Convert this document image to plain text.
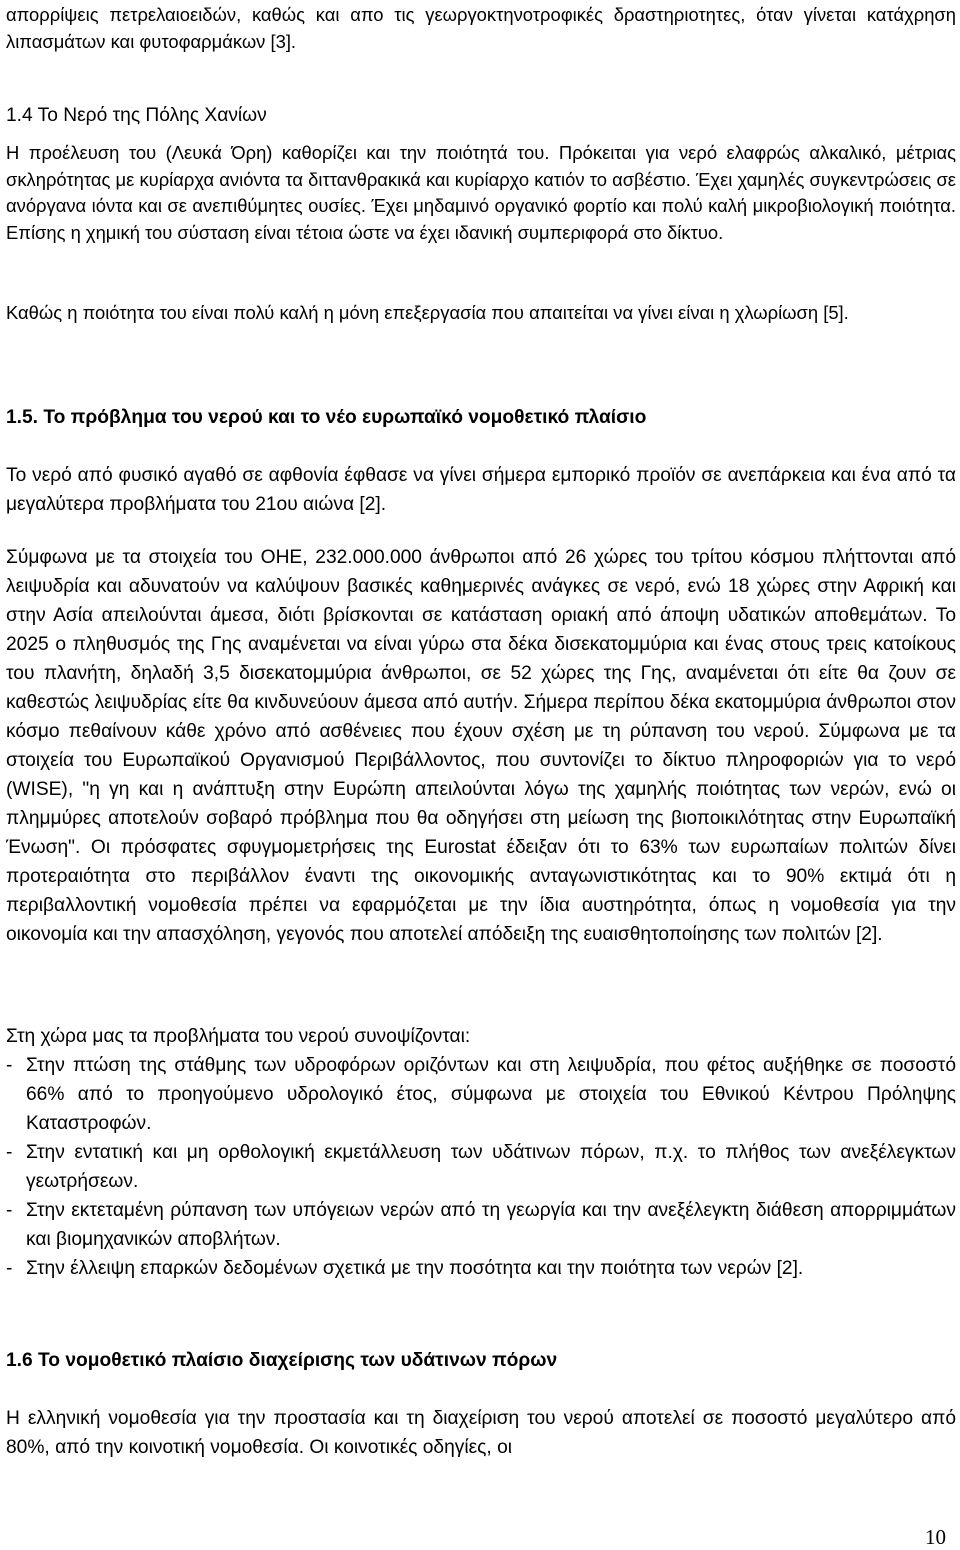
απορρίψεις πετρελαιοειδών, καθώς και απο τις γεωργοκτηνοτροφικές δραστηριοτητες, όταν γίνεται κατάχρηση λιπασμάτων και φυτοφαρμάκων [3].

1.4 Το Νερό της Πόλης Χανίων

Η προέλευση του (Λευκά Όρη) καθορίζει και την ποιότητά του. Πρόκειται για νερό ελαφρώς αλκαλικό, μέτριας σκληρότητας με κυρίαρχα ανιόντα τα διττανθρακικά και κυρίαρχο κατιόν το ασβέστιο. Έχει χαμηλές συγκεντρώσεις σε ανόργανα ιόντα και σε ανεπιθύμητες ουσίες. Έχει μηδαμινό οργανικό φορτίο και πολύ καλή μικροβιολογική ποιότητα. Επίσης η χημική του σύσταση είναι τέτοια ώστε να έχει ιδανική συμπεριφορά στο δίκτυο.

Καθώς η ποιότητα του είναι πολύ καλή η μόνη επεξεργασία που απαιτείται να γίνει είναι η χλωρίωση [5].

1.5. Το πρόβλημα του νερού και το νέο ευρωπαϊκό νομοθετικό πλαίσιο

Το νερό από φυσικό αγαθό σε αφθονία έφθασε να γίνει σήμερα εμπορικό προϊόν σε ανεπάρκεια και ένα από τα μεγαλύτερα προβλήματα του 21ου αιώνα [2].

Σύμφωνα με τα στοιχεία του ΟΗΕ, 232.000.000 άνθρωποι από 26 χώρες του τρίτου κόσμου πλήττονται από λειψυδρία και αδυνατούν να καλύψουν βασικές καθημερινές ανάγκες σε νερό, ενώ 18 χώρες στην Αφρική και στην Ασία απειλούνται άμεσα, διότι βρίσκονται σε κατάσταση οριακή από άποψη υδατικών αποθεμάτων. Το 2025 ο πληθυσμός της Γης αναμένεται να είναι γύρω στα δέκα δισεκατομμύρια και ένας στους τρεις κατοίκους του πλανήτη, δηλαδή 3,5 δισεκατομμύρια άνθρωποι, σε 52 χώρες της Γης, αναμένεται ότι είτε θα ζουν σε καθεστώς λειψυδρίας είτε θα κινδυνεύουν άμεσα από αυτήν. Σήμερα περίπου δέκα εκατομμύρια άνθρωποι στον κόσμο πεθαίνουν κάθε χρόνο από ασθένειες που έχουν σχέση με τη ρύπανση του νερού. Σύμφωνα με τα στοιχεία του Ευρωπαϊκού Οργανισμού Περιβάλλοντος, που συντονίζει το δίκτυο πληροφοριών για το νερό (WISE), "η γη και η ανάπτυξη στην Ευρώπη απειλούνται λόγω της χαμηλής ποιότητας των νερών, ενώ οι πλημμύρες αποτελούν σοβαρό πρόβλημα που θα οδηγήσει στη μείωση της βιοποικιλότητας στην Ευρωπαϊκή Ένωση". Οι πρόσφατες σφυγμομετρήσεις της Eurostat έδειξαν ότι το 63% των ευρωπαίων πολιτών δίνει προτεραιότητα στο περιβάλλον έναντι της οικονομικής ανταγωνιστικότητας και το 90% εκτιμά ότι η περιβαλλοντική νομοθεσία πρέπει να εφαρμόζεται με την ίδια αυστηρότητα, όπως η νομοθεσία για την οικονομία και την απασχόληση, γεγονός που αποτελεί απόδειξη της ευαισθητοποίησης των πολιτών [2].

Στη χώρα μας τα προβλήματα του νερού συνοψίζονται:

- Στην πτώση της στάθμης των υδροφόρων οριζόντων και στη λειψυδρία, που φέτος αυξήθηκε σε ποσοστό 66% από το προηγούμενο υδρολογικό έτος, σύμφωνα με στοιχεία του Εθνικού Κέντρου Πρόληψης Καταστροφών.
- Στην εντατική και μη ορθολογική εκμετάλλευση των υδάτινων πόρων, π.χ. το πλήθος των ανεξέλεγκτων γεωτρήσεων.
- Στην εκτεταμένη ρύπανση των υπόγειων νερών από τη γεωργία και την ανεξέλεγκτη διάθεση απορριμμάτων και βιομηχανικών αποβλήτων.
- Στην έλλειψη επαρκών δεδομένων σχετικά με την ποσότητα και την ποιότητα των νερών [2].

1.6 Το νομοθετικό πλαίσιο διαχείρισης των υδάτινων πόρων

Η ελληνική νομοθεσία για την προστασία και τη διαχείριση του νερού αποτελεί σε ποσοστό μεγαλύτερο από 80%, από την κοινοτική νομοθεσία. Οι κοινοτικές οδηγίες, οι

10
